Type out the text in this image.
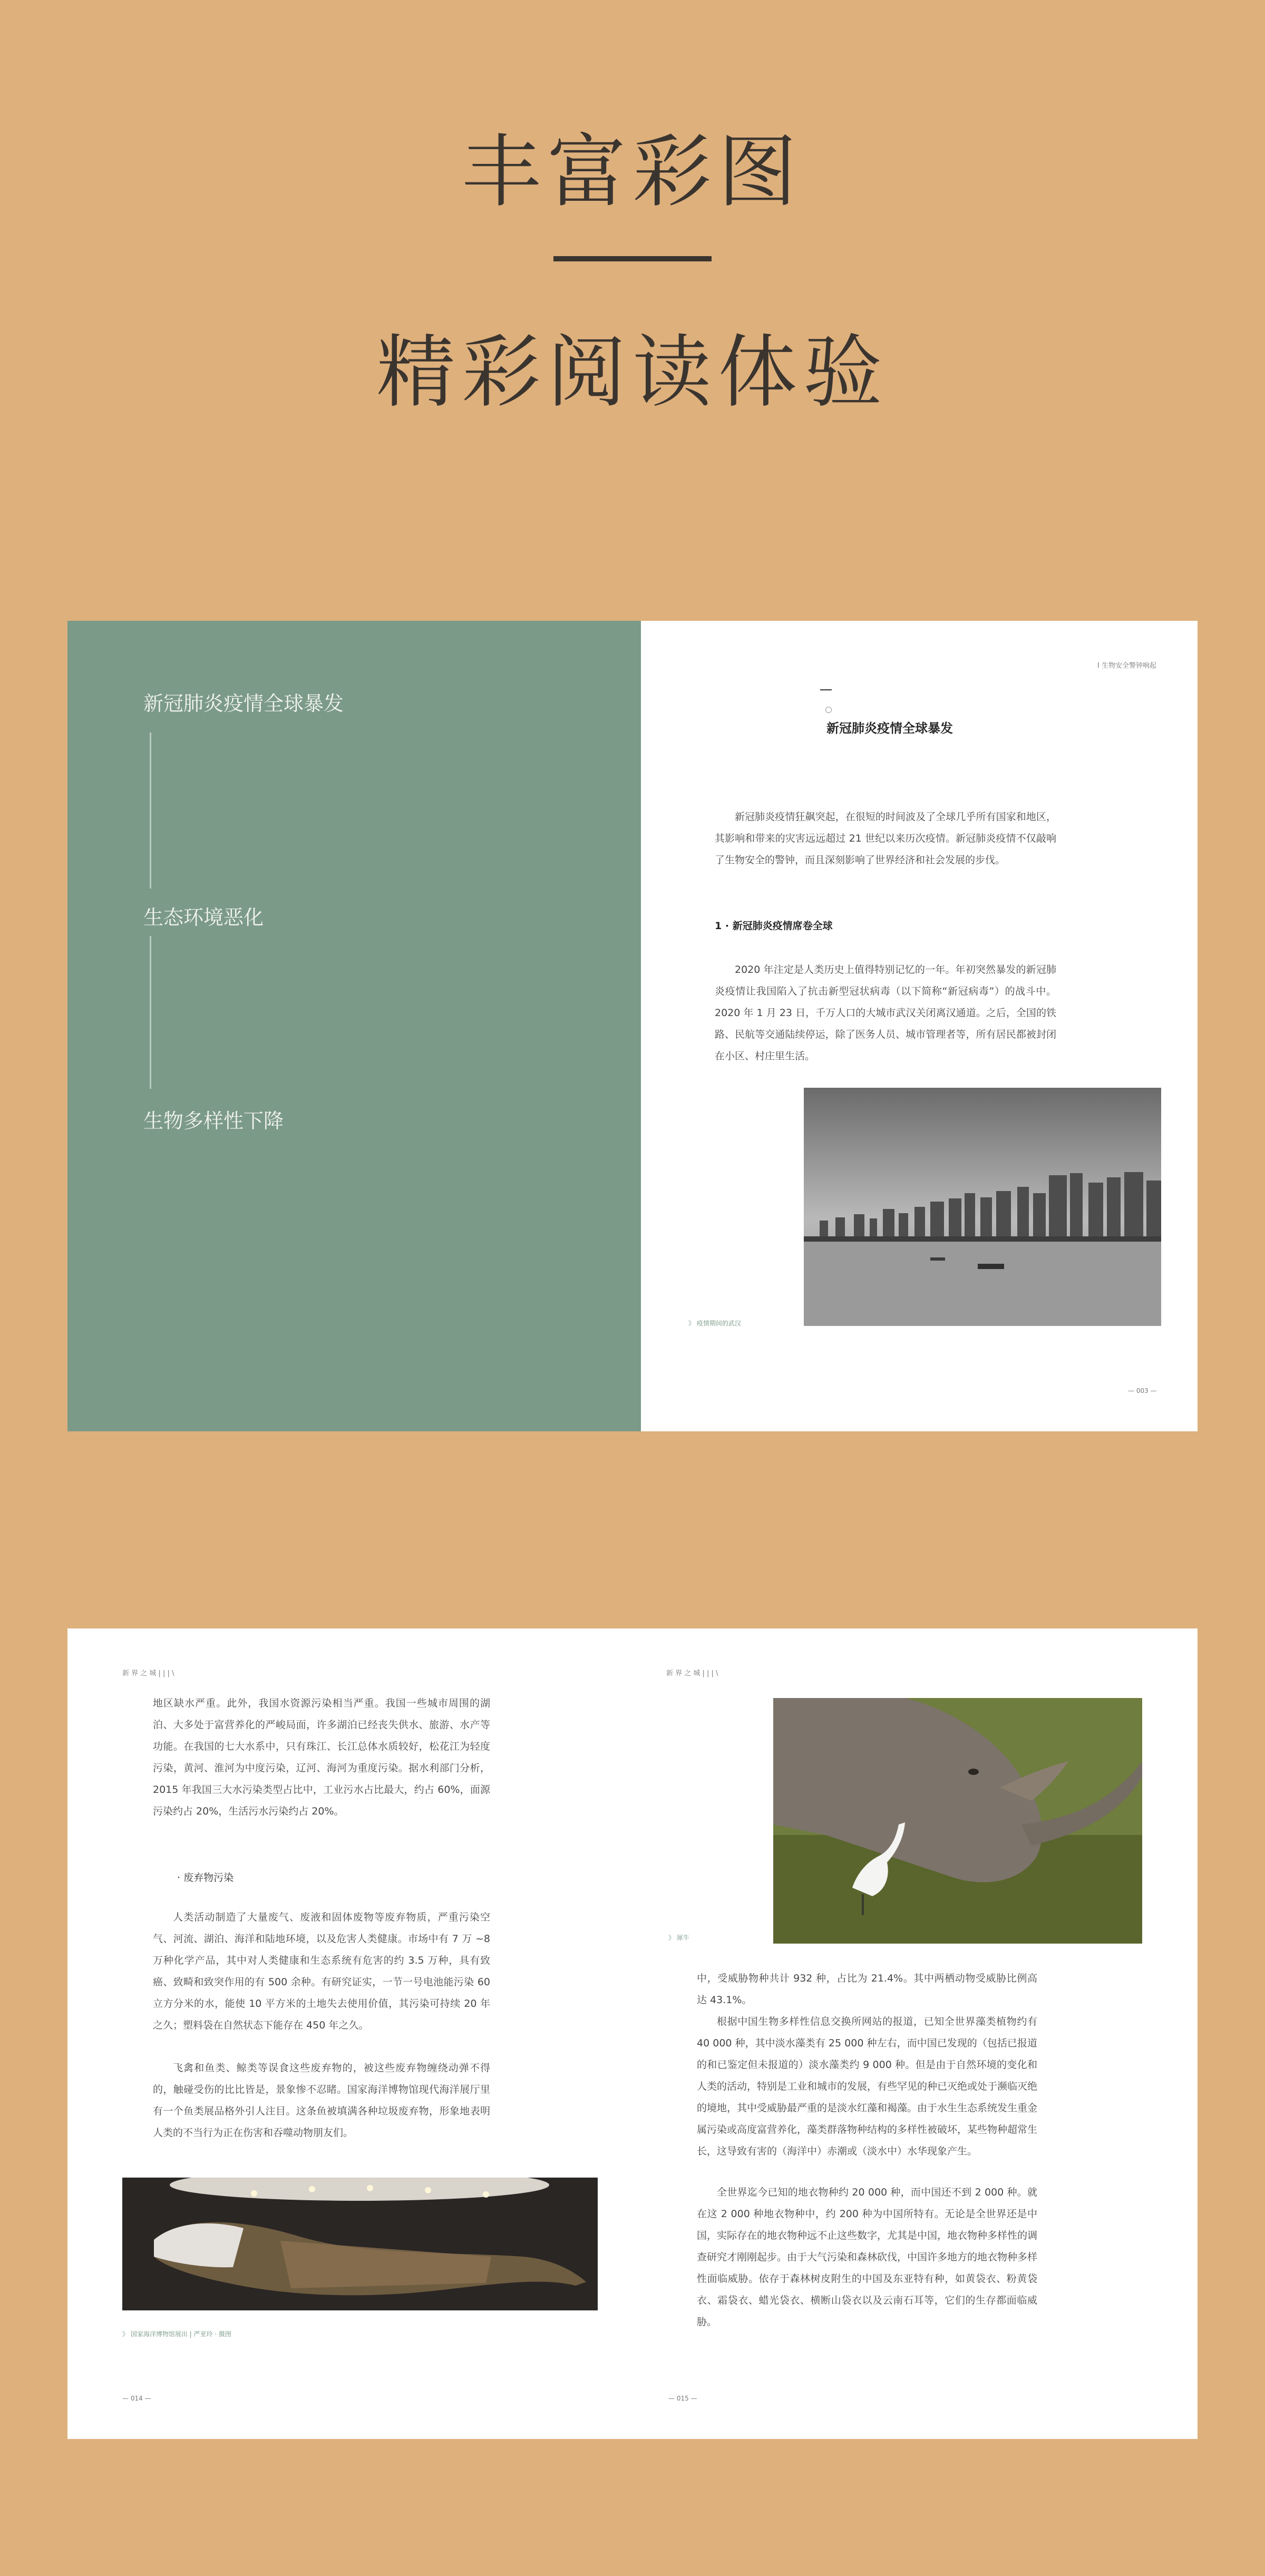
丰富彩图
精彩阅读体验
新冠肺炎疫情全球暴发
生态环境恶化
生物多样性下降
I 生物安全警钟响起
新冠肺炎疫情全球暴发
新冠肺炎疫情狂飙突起，在很短的时间波及了全球几乎所有国家和地区，其影响和带来的灾害远远超过 21 世纪以来历次疫情。新冠肺炎疫情不仅敲响了生物安全的警钟，而且深刻影响了世界经济和社会发展的步伐。
1 · 新冠肺炎疫情席卷全球
2020 年注定是人类历史上值得特别记忆的一年。年初突然暴发的新冠肺炎疫情让我国陷入了抗击新型冠状病毒（以下简称“新冠病毒”）的战斗中。2020 年 1 月 23 日，千万人口的大城市武汉关闭离汉通道。之后，全国的铁路、民航等交通陆续停运，除了医务人员、城市管理者等，所有居民都被封闭在小区、村庄里生活。
》 疫情期间的武汉
— 003 —
新 界 之 城 | | | \
地区缺水严重。此外，我国水资源污染相当严重。我国一些城市周围的湖泊、大多处于富营养化的严峻局面，许多湖泊已经丧失供水、旅游、水产等功能。在我国的七大水系中，只有珠江、长江总体水质较好，松花江为轻度污染，黄河、淮河为中度污染，辽河、海河为重度污染。据水利部门分析，2015 年我国三大水污染类型占比中，工业污水占比最大，约占 60%，面源污染约占 20%，生活污水污染约占 20%。
· 废弃物污染
人类活动制造了大量废气、废液和固体废物等废弃物质，严重污染空气、河流、湖泊、海洋和陆地环境，以及危害人类健康。市场中有 7 万 ~8 万种化学产品，其中对人类健康和生态系统有危害的约 3.5 万种，具有致癌、致畸和致突作用的有 500 余种。有研究证实，一节一号电池能污染 60 立方分米的水，能使 10 平方米的土地失去使用价值，其污染可持续 20 年之久；塑料袋在自然状态下能存在 450 年之久。
飞禽和鱼类、鲸类等误食这些废弃物的，被这些废弃物缠绕动弹不得的，触碰受伤的比比皆是，景象惨不忍睹。国家海洋博物馆现代海洋展厅里有一个鱼类展品格外引人注目。这条鱼被填满各种垃圾废弃物，形象地表明人类的不当行为正在伤害和吞噬动物朋友们。
》 国家海洋博物馆展出 | 严亚玲 · 摄图
— 014 —
新 界 之 城 | | | \
》 犀牛
中，受威胁物种共计 932 种，占比为 21.4%。其中两栖动物受威胁比例高达 43.1%。
根据中国生物多样性信息交换所网站的报道，已知全世界藻类植物约有 40 000 种，其中淡水藻类有 25 000 种左右，而中国已发现的（包括已报道的和已鉴定但未报道的）淡水藻类约 9 000 种。但是由于自然环境的变化和人类的活动，特别是工业和城市的发展，有些罕见的种已灭绝或处于濒临灭绝的境地，其中受威胁最严重的是淡水红藻和褐藻。由于水生生态系统发生重金属污染或高度富营养化，藻类群落物种结构的多样性被破坏，某些物种超常生长，这导致有害的（海洋中）赤潮或（淡水中）水华现象产生。
全世界迄今已知的地衣物种约 20 000 种，而中国还不到 2 000 种。就在这 2 000 种地衣物种中，约 200 种为中国所特有。无论是全世界还是中国，实际存在的地衣物种远不止这些数字，尤其是中国，地衣物种多样性的调查研究才刚刚起步。由于大气污染和森林砍伐，中国许多地方的地衣物种多样性面临威胁。依存于森林树皮附生的中国及东亚特有种，如黄袋衣、粉黄袋衣、霜袋衣、蜡光袋衣、横断山袋衣以及云南石耳等，它们的生存都面临威胁。
— 015 —
